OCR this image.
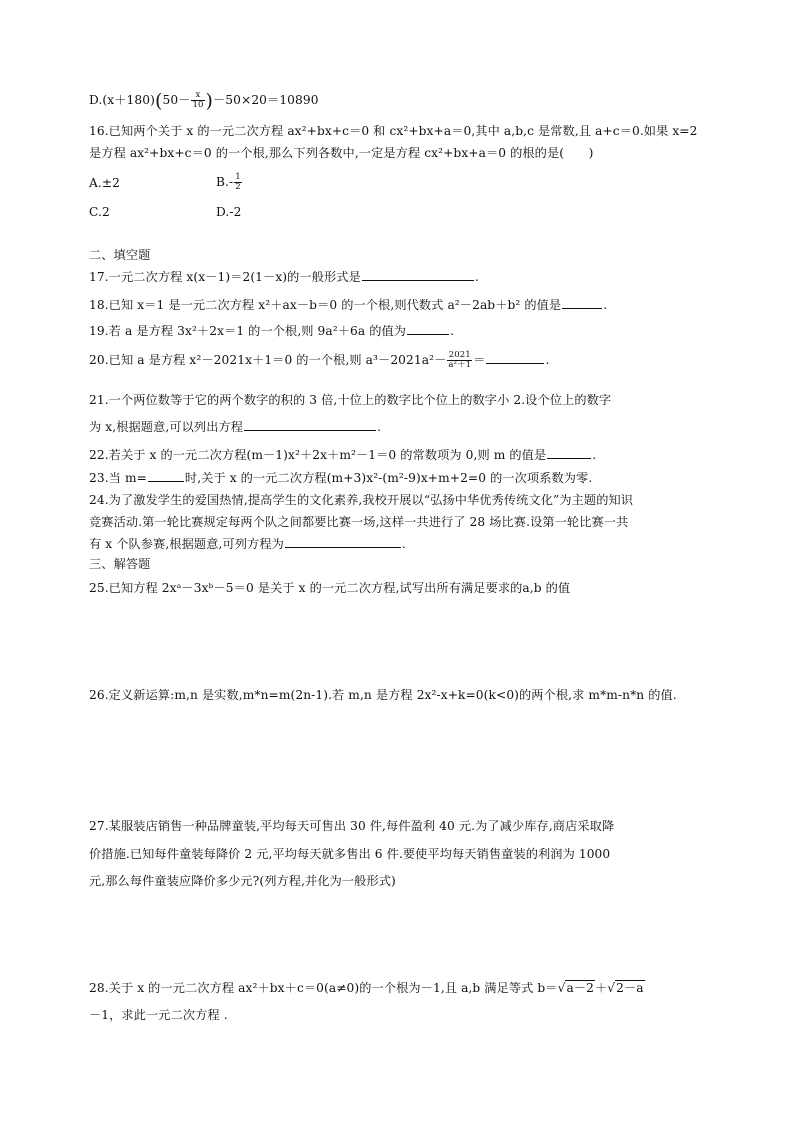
$D.(x+180)(50- \frac{x}{10} )-50\times 20=10890$
16.已知两个关于 x 的一元二次方程 ax²+bx+c＝0 和 cx²+bx+a＝0,其中 a,b,c 是常数,且 a+c＝0.如果 x=2
是方程 ax²+bx+c＝0 的一个根,那么下列各数中,一定是方程 cx²+bx+a＝0 的根的是(　　)
A.±2	$B.- \frac{1}{2}$
C.2	D.-2
二、填空题
17.一元二次方程 x(x－1)＝2(1－x)的一般形式是	.
18.已知 x＝1 是一元二次方程 x²＋ax－b＝0 的一个根,则代数式 a²－2ab＋b² 的值是	.
19.若 a 是方程 3x²＋2x＝1 的一个根,则 9a²＋6a 的值为	.
20.已知 a 是方程 x²－2021x＋1＝0 的一个根,则 $a^3-2021a^2- \frac{2021}{\text{a²＋1}}$ ＝	.
21.一个两位数等于它的两个数字的积的 3 倍,十位上的数字比个位上的数字小 2.设个位上的数字
为 x,根据题意,可以列出方程	.
22.若关于 x 的一元二次方程(m－1)x²＋2x＋m²－1＝0 的常数项为 0,则 m 的值是	.
23.当 m=	时,关于 x 的一元二次方程(m+3)x²-(m²-9)x+m+2=0 的一次项系数为零.
24.为了激发学生的爱国热情,提高学生的文化素养,我校开展以“弘扬中华优秀传统文化”为主题的知识
竞赛活动.第一轮比赛规定每两个队之间都要比赛一场,这样一共进行了 28 场比赛.设第一轮比赛一共
有 x 个队参赛,根据题意,可列方程为	.
三、解答题
25.已知方程 2xᵃ－3xᵇ－5＝0 是关于 x 的一元二次方程,试写出所有满足要求的a,b 的值
26.定义新运算:m,n 是实数,m*n=m(2n-1).若 m,n 是方程 2x²-x+k=0(k<0)的两个根,求 m*m-n*n 的值.
27.某服装店销售一种品牌童装,平均每天可售出 30 件,每件盈利 40 元.为了减少库存,商店采取降
价措施.已知每件童装每降价 2 元,平均每天就多售出 6 件.要使平均每天销售童装的利润为 1000
元,那么每件童装应降价多少元?(列方程,并化为一般形式)
28.关于 x 的一元二次方程 ax²＋bx＋c＝0(a≠0)的一个根为－1,且 a,b 满足等式 b＝√a－2＋√2－a
－1，求此一元二次方程 .
